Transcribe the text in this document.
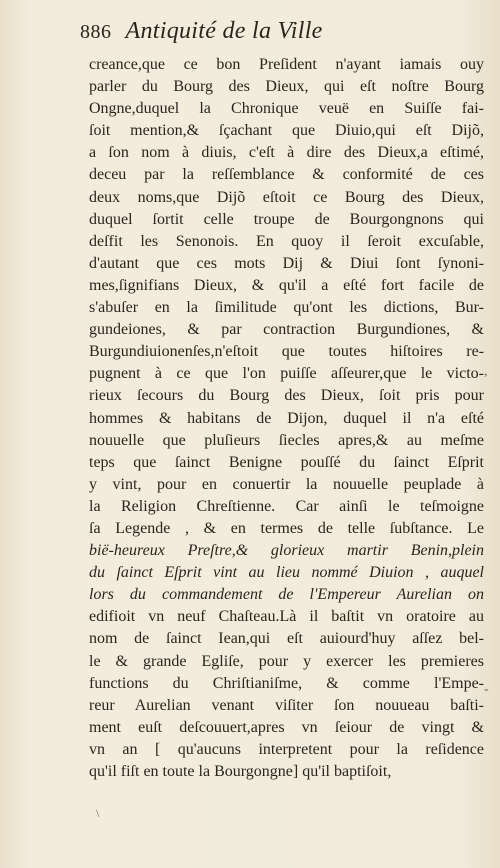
886 Antiquité de la Ville
creance,que ce bon Preſident n'ayant iamais ouy
parler du Bourg des Dieux, qui eſt noſtre Bourg
Ongne,duquel la Chronique veuë en Suiſſe fai-
ſoit mention,& ſçachant que Diuio,qui eſt Dijõ,
a ſon nom à diuis, c'eſt à dire des Dieux,a eſtimé,
deceu par la reſſemblance & conformité de ces
deux noms,que Dijõ eſtoit ce Bourg des Dieux,
duquel ſortit celle troupe de Bourgongnons qui
deſfit les Senonois. En quoy il ſeroit excuſable,
d'autant que ces mots Dij & Diui ſont ſynoni-
mes,ſignifians Dieux, & qu'il a eſté fort facile de
s'abuſer en la ſimilitude qu'ont les dictions, Bur-
gundeiones, & par contraction Burgundiones, &
Burgundiuionenſes,n'eſtoit que toutes hiſtoires re-
pugnent à ce que l'on puiſſe aſſeurer,que le victo-
rieux ſecours du Bourg des Dieux, ſoit pris pour
hommes & habitans de Dijon, duquel il n'a eſté
nouuelle que pluſieurs ſiecles apres,& au meſme
teps que ſainct Benigne pouſſé du ſainct Eſprit
y vint, pour en conuertir la nouuelle peuplade à
la Religion Chreſtienne. Car ainſi le teſmoigne
ſa Legende , & en termes de telle ſubſtance. Le
bië-heureux Preſtre,& glorieux martir Benin,plein
du ſainct Eſprit vint au lieu nommé Diuion , auquel
lors du commandement de l'Empereur Aurelian on
edifioit vn neuf Chaſteau.Là il baſtit vn oratoire au
nom de ſainct Iean,qui eſt auiourd'huy aſſez bel-
le & grande Egliſe, pour y exercer les premieres
functions du Chriſtianiſme, & comme l'Empe-
reur Aurelian venant viſiter ſon nouueau baſti-
ment euſt deſcouuert,apres vn ſeiour de vingt &
vn an [ qu'aucuns interpretent pour la reſidence
qu'il fiſt en toute la Bourgongne] qu'il baptiſoit,
,
-
\
